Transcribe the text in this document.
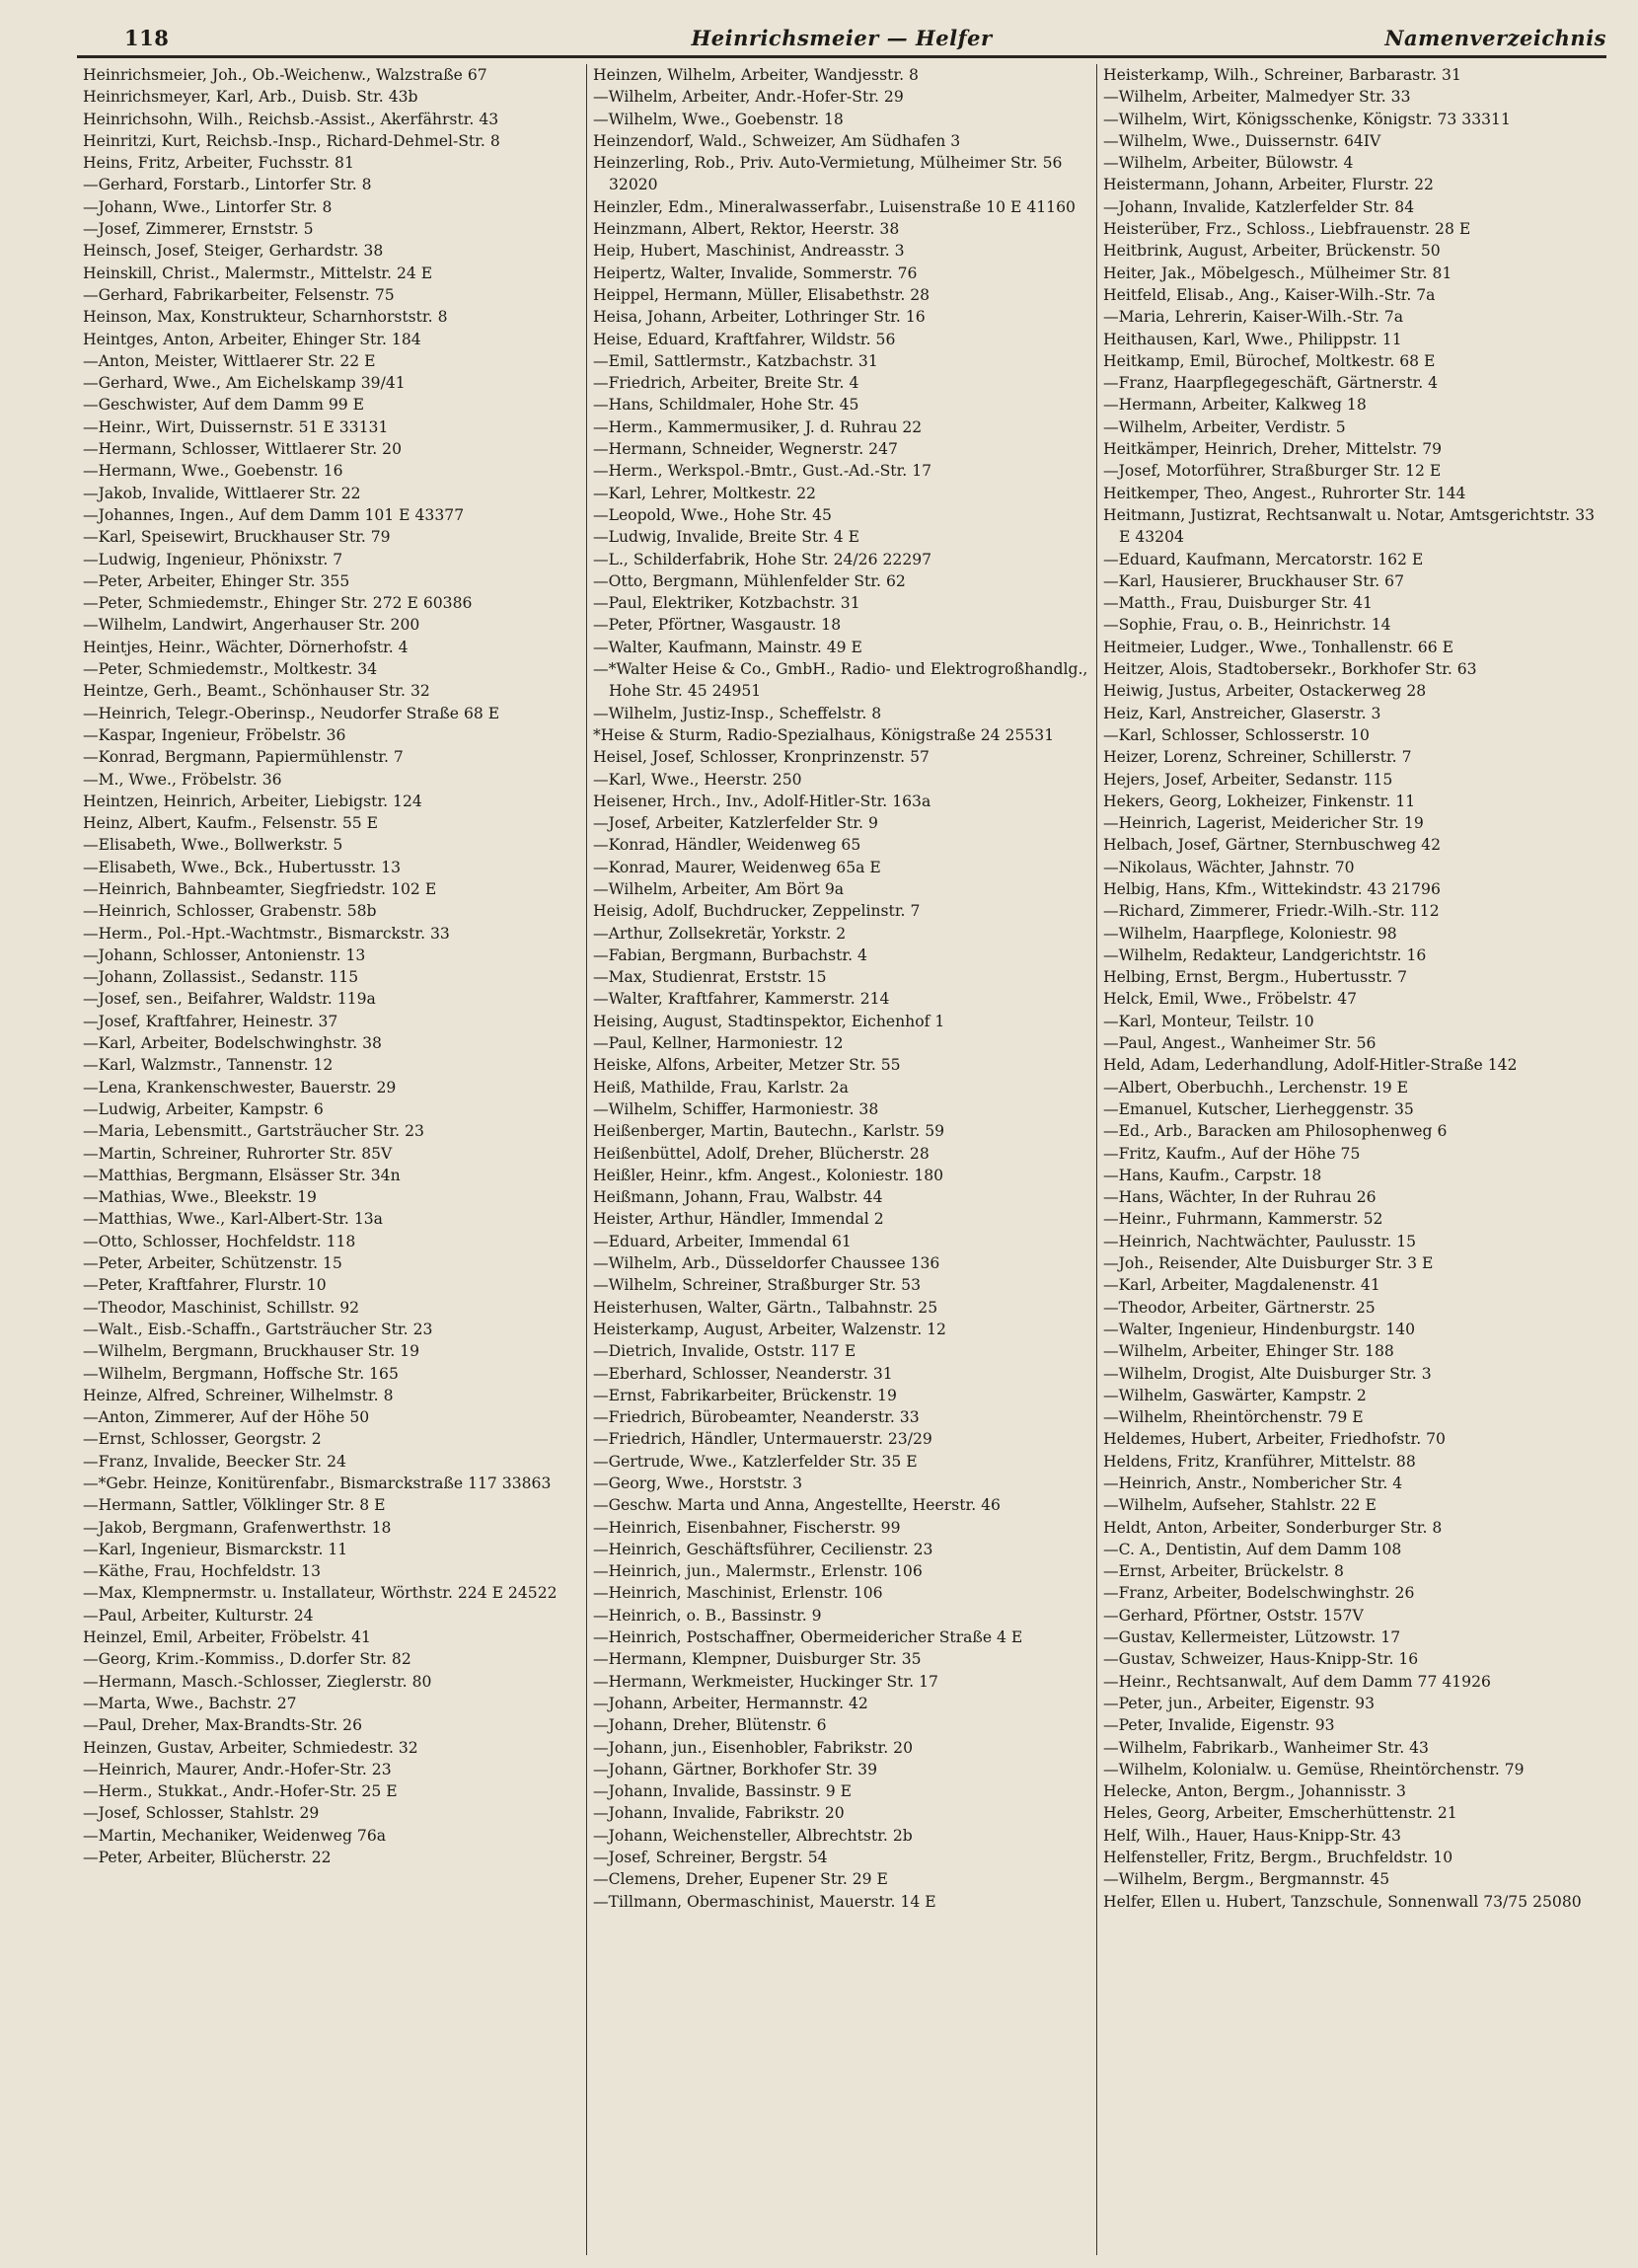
118	Heinrichsmeier — Helfer	Namenverzeichnis
Heinrichsmeier, Joh., Ob.-Weichenw., Walzstraße 67
Heinrichsmeyer, Karl, Arb., Duisb. Str. 43b
Heinrichsohn, Wilh., Reichsb.-Assist., Akerfährstr. 43
Heinritzi, Kurt, Reichsb.-Insp., Richard-Dehmel-Str. 8
Heins, Fritz, Arbeiter, Fuchsstr. 81
—Gerhard, Forstarb., Lintorfer Str. 8
—Johann, Wwe., Lintorfer Str. 8
—Josef, Zimmerer, Ernststr. 5
Heinsch, Josef, Steiger, Gerhardstr. 38
Heinskill, Christ., Malermstr., Mittelstr. 24 E
—Gerhard, Fabrikarbeiter, Felsenstr. 75
Heinson, Max, Konstrukteur, Scharnhorststr. 8
Heintges, Anton, Arbeiter, Ehinger Str. 184
—Anton, Meister, Wittlaerer Str. 22 E
—Gerhard, Wwe., Am Eichelskamp 39/41
—Geschwister, Auf dem Damm 99 E
—Heinr., Wirt, Duissernstr. 51 E 33131
—Hermann, Schlosser, Wittlaerer Str. 20
—Hermann, Wwe., Goebenstr. 16
—Jakob, Invalide, Wittlaerer Str. 22
—Johannes, Ingen., Auf dem Damm 101 E 43377
—Karl, Speisewirt, Bruckhauser Str. 79
—Ludwig, Ingenieur, Phönixstr. 7
—Peter, Arbeiter, Ehinger Str. 355
—Peter, Schmiedemstr., Ehinger Str. 272 E 60386
—Wilhelm, Landwirt, Angerhauser Str. 200
Heintjes, Heinr., Wächter, Dörnerhofstr. 4
—Peter, Schmiedemstr., Moltkestr. 34
Heintze, Gerh., Beamt., Schönhauser Str. 32
—Heinrich, Telegr.-Oberinsp., Neudorfer Straße 68 E
—Kaspar, Ingenieur, Fröbelstr. 36
—Konrad, Bergmann, Papiermühlenstr. 7
—M., Wwe., Fröbelstr. 36
Heintzen, Heinrich, Arbeiter, Liebigstr. 124
Heinz, Albert, Kaufm., Felsenstr. 55 E
—Elisabeth, Wwe., Bollwerkstr. 5
—Elisabeth, Wwe., Bck., Hubertusstr. 13
—Heinrich, Bahnbeamter, Siegfriedstr. 102 E
—Heinrich, Schlosser, Grabenstr. 58b
—Herm., Pol.-Hpt.-Wachtmstr., Bismarckstr. 33
—Johann, Schlosser, Antonienstr. 13
—Johann, Zollassist., Sedanstr. 115
—Josef, sen., Beifahrer, Waldstr. 119a
—Josef, Kraftfahrer, Heinestr. 37
—Karl, Arbeiter, Bodelschwinghstr. 38
—Karl, Walzmstr., Tannenstr. 12
—Lena, Krankenschwester, Bauerstr. 29
—Ludwig, Arbeiter, Kampstr. 6
—Maria, Lebensmitt., Gartsträucher Str. 23
—Martin, Schreiner, Ruhrorter Str. 85V
—Matthias, Bergmann, Elsässer Str. 34n
—Mathias, Wwe., Bleekstr. 19
—Matthias, Wwe., Karl-Albert-Str. 13a
—Otto, Schlosser, Hochfeldstr. 118
—Peter, Arbeiter, Schützenstr. 15
—Peter, Kraftfahrer, Flurstr. 10
—Theodor, Maschinist, Schillstr. 92
—Walt., Eisb.-Schaffn., Gartsträucher Str. 23
—Wilhelm, Bergmann, Bruckhauser Str. 19
—Wilhelm, Bergmann, Hoffsche Str. 165
Heinze, Alfred, Schreiner, Wilhelmstr. 8
—Anton, Zimmerer, Auf der Höhe 50
—Ernst, Schlosser, Georgstr. 2
—Franz, Invalide, Beecker Str. 24
—*Gebr. Heinze, Konitürenfabr., Bismarckstraße 117 33863
—Hermann, Sattler, Völklinger Str. 8 E
—Jakob, Bergmann, Grafenwerthstr. 18
—Karl, Ingenieur, Bismarckstr. 11
—Käthe, Frau, Hochfeldstr. 13
—Max, Klempnermstr. u. Installateur, Wörthstr. 224 E 24522
—Paul, Arbeiter, Kulturstr. 24
Heinzel, Emil, Arbeiter, Fröbelstr. 41
—Georg, Krim.-Kommiss., D.dorfer Str. 82
—Hermann, Masch.-Schlosser, Zieglerstr. 80
—Marta, Wwe., Bachstr. 27
—Paul, Dreher, Max-Brandts-Str. 26
Heinzen, Gustav, Arbeiter, Schmiedestr. 32
—Heinrich, Maurer, Andr.-Hofer-Str. 23
—Herm., Stukkat., Andr.-Hofer-Str. 25 E
—Josef, Schlosser, Stahlstr. 29
—Martin, Mechaniker, Weidenweg 76a
—Peter, Arbeiter, Blücherstr. 22
Heinzen, Wilhelm, Arbeiter, Wandjesstr. 8
—Wilhelm, Arbeiter, Andr.-Hofer-Str. 29
—Wilhelm, Wwe., Goebenstr. 18
Heinzendorf, Wald., Schweizer, Am Südhafen 3
Heinzerling, Rob., Priv. Auto-Vermietung, Mülheimer Str. 56 32020
Heinzler, Edm., Mineralwasserfabr., Luisenstraße 10 E 41160
Heinzmann, Albert, Rektor, Heerstr. 38
Heip, Hubert, Maschinist, Andreasstr. 3
Heipertz, Walter, Invalide, Sommerstr. 76
Heippel, Hermann, Müller, Elisabethstr. 28
Heisa, Johann, Arbeiter, Lothringer Str. 16
Heise, Eduard, Kraftfahrer, Wildstr. 56
—Emil, Sattlermstr., Katzbachstr. 31
—Friedrich, Arbeiter, Breite Str. 4
—Hans, Schildmaler, Hohe Str. 45
—Herm., Kammermusiker, J. d. Ruhrau 22
—Hermann, Schneider, Wegnerstr. 247
—Herm., Werkspol.-Bmtr., Gust.-Ad.-Str. 17
—Karl, Lehrer, Moltkestr. 22
—Leopold, Wwe., Hohe Str. 45
—Ludwig, Invalide, Breite Str. 4 E
—L., Schilderfabrik, Hohe Str. 24/26 22297
—Otto, Bergmann, Mühlenfelder Str. 62
—Paul, Elektriker, Kotzbachstr. 31
—Peter, Pförtner, Wasgaustr. 18
—Walter, Kaufmann, Mainstr. 49 E
—*Walter Heise & Co., GmbH., Radio- und Elektrogroßhandlg., Hohe Str. 45 24951
—Wilhelm, Justiz-Insp., Scheffelstr. 8
*Heise & Sturm, Radio-Spezialhaus, Königstraße 24 25531
Heisel, Josef, Schlosser, Kronprinzenstr. 57
—Karl, Wwe., Heerstr. 250
Heisener, Hrch., Inv., Adolf-Hitler-Str. 163a
—Josef, Arbeiter, Katzlerfelder Str. 9
—Konrad, Händler, Weidenweg 65
—Konrad, Maurer, Weidenweg 65a E
—Wilhelm, Arbeiter, Am Bört 9a
Heisig, Adolf, Buchdrucker, Zeppelinstr. 7
—Arthur, Zollsekretär, Yorkstr. 2
—Fabian, Bergmann, Burbachstr. 4
—Max, Studienrat, Erststr. 15
—Walter, Kraftfahrer, Kammerstr. 214
Heising, August, Stadtinspektor, Eichenhof 1
—Paul, Kellner, Harmoniestr. 12
Heiske, Alfons, Arbeiter, Metzer Str. 55
Heiß, Mathilde, Frau, Karlstr. 2a
—Wilhelm, Schiffer, Harmoniestr. 38
Heißenberger, Martin, Bautechn., Karlstr. 59
Heißenbüttel, Adolf, Dreher, Blücherstr. 28
Heißler, Heinr., kfm. Angest., Koloniestr. 180
Heißmann, Johann, Frau, Walbstr. 44
Heister, Arthur, Händler, Immendal 2
—Eduard, Arbeiter, Immendal 61
—Wilhelm, Arb., Düsseldorfer Chaussee 136
—Wilhelm, Schreiner, Straßburger Str. 53
Heisterhusen, Walter, Gärtn., Talbahnstr. 25
Heisterkamp, August, Arbeiter, Walzenstr. 12
—Dietrich, Invalide, Oststr. 117 E
—Eberhard, Schlosser, Neanderstr. 31
—Ernst, Fabrikarbeiter, Brückenstr. 19
—Friedrich, Bürobeamter, Neanderstr. 33
—Friedrich, Händler, Untermauerstr. 23/29
—Gertrude, Wwe., Katzlerfelder Str. 35 E
—Georg, Wwe., Horststr. 3
—Geschw. Marta und Anna, Angestellte, Heerstr. 46
—Heinrich, Eisenbahner, Fischerstr. 99
—Heinrich, Geschäftsführer, Cecilienstr. 23
—Heinrich, jun., Malermstr., Erlenstr. 106
—Heinrich, Maschinist, Erlenstr. 106
—Heinrich, o. B., Bassinstr. 9
—Heinrich, Postschaffner, Obermeidericher Straße 4 E
—Hermann, Klempner, Duisburger Str. 35
—Hermann, Werkmeister, Huckinger Str. 17
—Johann, Arbeiter, Hermannstr. 42
—Johann, Dreher, Blütenstr. 6
—Johann, jun., Eisenhobler, Fabrikstr. 20
—Johann, Gärtner, Borkhofer Str. 39
—Johann, Invalide, Bassinstr. 9 E
—Johann, Invalide, Fabrikstr. 20
—Johann, Weichensteller, Albrechtstr. 2b
—Josef, Schreiner, Bergstr. 54
—Clemens, Dreher, Eupener Str. 29 E
—Tillmann, Obermaschinist, Mauerstr. 14 E
Heisterkamp, Wilh., Schreiner, Barbarastr. 31
—Wilhelm, Arbeiter, Malmedyer Str. 33
—Wilhelm, Wirt, Königsschenke, Königstr. 73 33311
—Wilhelm, Wwe., Duissernstr. 64IV
—Wilhelm, Arbeiter, Bülowstr. 4
Heistermann, Johann, Arbeiter, Flurstr. 22
—Johann, Invalide, Katzlerfelder Str. 84
Heisterüber, Frz., Schloss., Liebfrauenstr. 28 E
Heitbrink, August, Arbeiter, Brückenstr. 50
Heiter, Jak., Möbelgesch., Mülheimer Str. 81
Heitfeld, Elisab., Ang., Kaiser-Wilh.-Str. 7a
—Maria, Lehrerin, Kaiser-Wilh.-Str. 7a
Heithausen, Karl, Wwe., Philippstr. 11
Heitkamp, Emil, Bürochef, Moltkestr. 68 E
—Franz, Haarpflegegeschäft, Gärtnerstr. 4
—Hermann, Arbeiter, Kalkweg 18
—Wilhelm, Arbeiter, Verdistr. 5
Heitkämper, Heinrich, Dreher, Mittelstr. 79
—Josef, Motorführer, Straßburger Str. 12 E
Heitkemper, Theo, Angest., Ruhrorter Str. 144
Heitmann, Justizrat, Rechtsanwalt u. Notar, Amtsgerichtstr. 33 E 43204
—Eduard, Kaufmann, Mercatorstr. 162 E
—Karl, Hausierer, Bruckhauser Str. 67
—Matth., Frau, Duisburger Str. 41
—Sophie, Frau, o. B., Heinrichstr. 14
Heitmeier, Ludger., Wwe., Tonhallenstr. 66 E
Heitzer, Alois, Stadtobersekr., Borkhofer Str. 63
Heiwig, Justus, Arbeiter, Ostackerweg 28
Heiz, Karl, Anstreicher, Glaserstr. 3
—Karl, Schlosser, Schlosserstr. 10
Heizer, Lorenz, Schreiner, Schillerstr. 7
Hejers, Josef, Arbeiter, Sedanstr. 115
Hekers, Georg, Lokheizer, Finkenstr. 11
—Heinrich, Lagerist, Meidericher Str. 19
Helbach, Josef, Gärtner, Sternbuschweg 42
—Nikolaus, Wächter, Jahnstr. 70
Helbig, Hans, Kfm., Wittekindstr. 43 21796
—Richard, Zimmerer, Friedr.-Wilh.-Str. 112
—Wilhelm, Haarpflege, Koloniestr. 98
—Wilhelm, Redakteur, Landgerichtstr. 16
Helbing, Ernst, Bergm., Hubertusstr. 7
Helck, Emil, Wwe., Fröbelstr. 47
—Karl, Monteur, Teilstr. 10
—Paul, Angest., Wanheimer Str. 56
Held, Adam, Lederhandlung, Adolf-Hitler-Straße 142
—Albert, Oberbuchh., Lerchenstr. 19 E
—Emanuel, Kutscher, Lierheggenstr. 35
—Ed., Arb., Baracken am Philosophenweg 6
—Fritz, Kaufm., Auf der Höhe 75
—Hans, Kaufm., Carpstr. 18
—Hans, Wächter, In der Ruhrau 26
—Heinr., Fuhrmann, Kammerstr. 52
—Heinrich, Nachtwächter, Paulusstr. 15
—Joh., Reisender, Alte Duisburger Str. 3 E
—Karl, Arbeiter, Magdalenenstr. 41
—Theodor, Arbeiter, Gärtnerstr. 25
—Walter, Ingenieur, Hindenburgstr. 140
—Wilhelm, Arbeiter, Ehinger Str. 188
—Wilhelm, Drogist, Alte Duisburger Str. 3
—Wilhelm, Gaswärter, Kampstr. 2
—Wilhelm, Rheintörchenstr. 79 E
Heldemes, Hubert, Arbeiter, Friedhofstr. 70
Heldens, Fritz, Kranführer, Mittelstr. 88
—Heinrich, Anstr., Nombericher Str. 4
—Wilhelm, Aufseher, Stahlstr. 22 E
Heldt, Anton, Arbeiter, Sonderburger Str. 8
—C. A., Dentistin, Auf dem Damm 108
—Ernst, Arbeiter, Brückelstr. 8
—Franz, Arbeiter, Bodelschwinghstr. 26
—Gerhard, Pförtner, Oststr. 157V
—Gustav, Kellermeister, Lützowstr. 17
—Gustav, Schweizer, Haus-Knipp-Str. 16
—Heinr., Rechtsanwalt, Auf dem Damm 77 41926
—Peter, jun., Arbeiter, Eigenstr. 93
—Peter, Invalide, Eigenstr. 93
—Wilhelm, Fabrikarb., Wanheimer Str. 43
—Wilhelm, Kolonialw. u. Gemüse, Rheintörchenstr. 79
Helecke, Anton, Bergm., Johannisstr. 3
Heles, Georg, Arbeiter, Emscherhüttenstr. 21
Helf, Wilh., Hauer, Haus-Knipp-Str. 43
Helfensteller, Fritz, Bergm., Bruchfeldstr. 10
—Wilhelm, Bergm., Bergmannstr. 45
Helfer, Ellen u. Hubert, Tanzschule, Sonnenwall 73/75 25080
